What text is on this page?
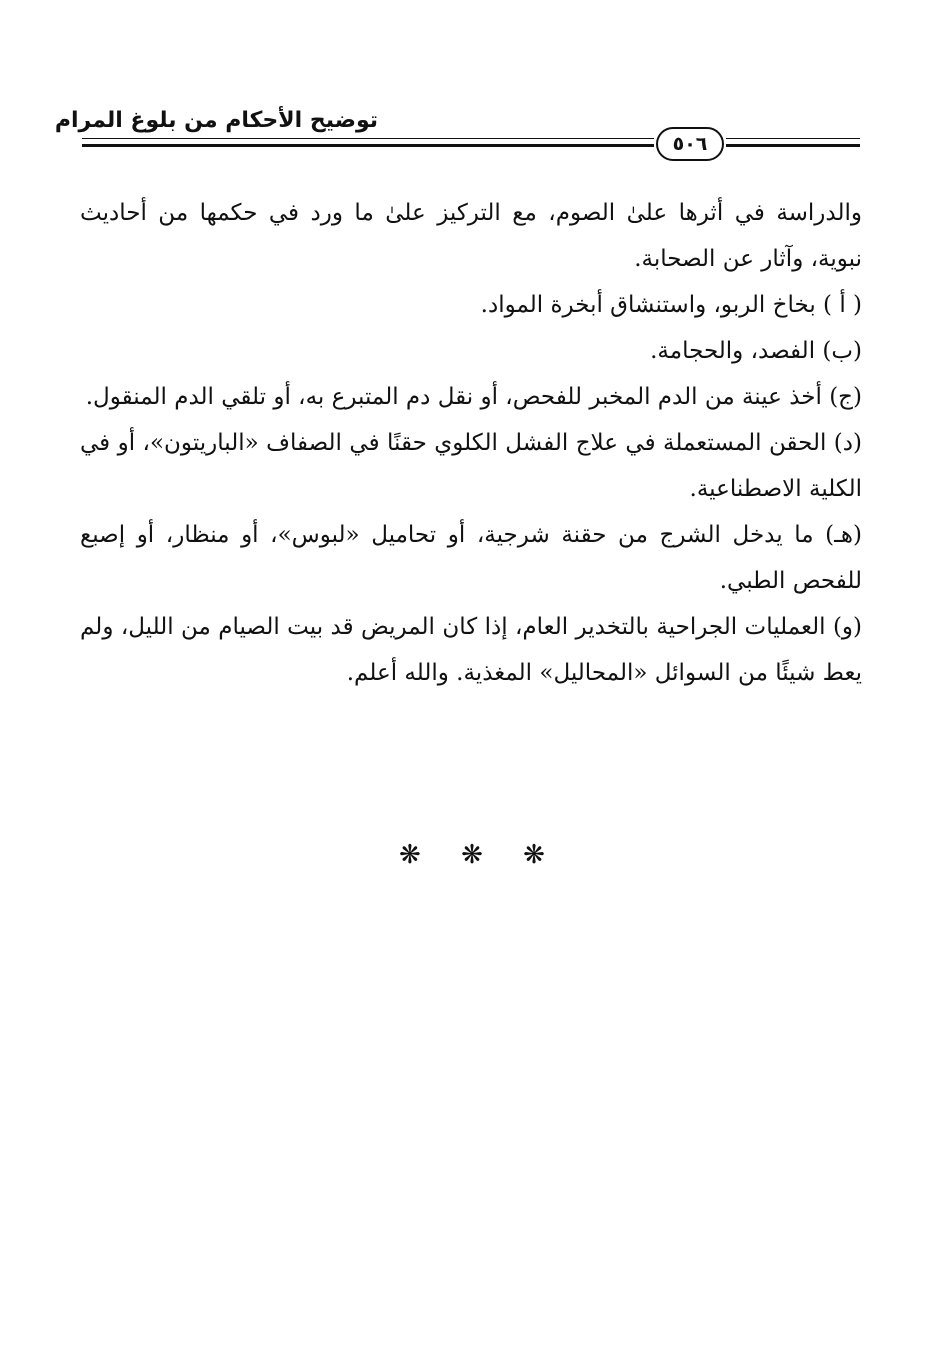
توضيح الأحكام من بلوغ المرام
٥٠٦

والدراسة في أثرها علىٰ الصوم، مع التركيز علىٰ ما ورد في حكمها من أحاديث نبوية، وآثار عن الصحابة.

( أ ) بخاخ الربو، واستنشاق أبخرة المواد.

(ب) الفصد، والحجامة.

(ج) أخذ عينة من الدم المخبر للفحص، أو نقل دم المتبرع به، أو تلقي الدم المنقول.

(د) الحقن المستعملة في علاج الفشل الكلوي حقنًا في الصفاف «الباريتون»، أو في الكلية الاصطناعية.

(هـ) ما يدخل الشرج من حقنة شرجية، أو تحاميل «لبوس»، أو منظار، أو إصبع للفحص الطبي.

(و) العمليات الجراحية بالتخدير العام، إذا كان المريض قد بيت الصيام من الليل، ولم يعط شيئًا من السوائل «المحاليل» المغذية. والله أعلم.

❋ ❋ ❋
